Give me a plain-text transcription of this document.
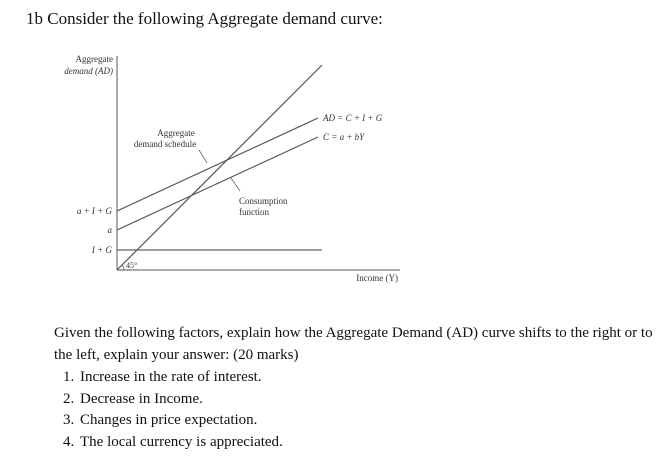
1b Consider the following Aggregate demand curve:
Aggregate
demand (AD)
Income (Y)
45°
AD = C + I + G
C = a + bY
Aggregate
demand schedule
Consumption
function
a + I + G
a
I + G

Given the following factors, explain how the Aggregate Demand (AD) curve shifts to the right or to the left, explain your answer: (20 marks)

1. Increase in the rate of interest.
2. Decrease in Income.
3. Changes in price expectation.
4. The local currency is appreciated.
